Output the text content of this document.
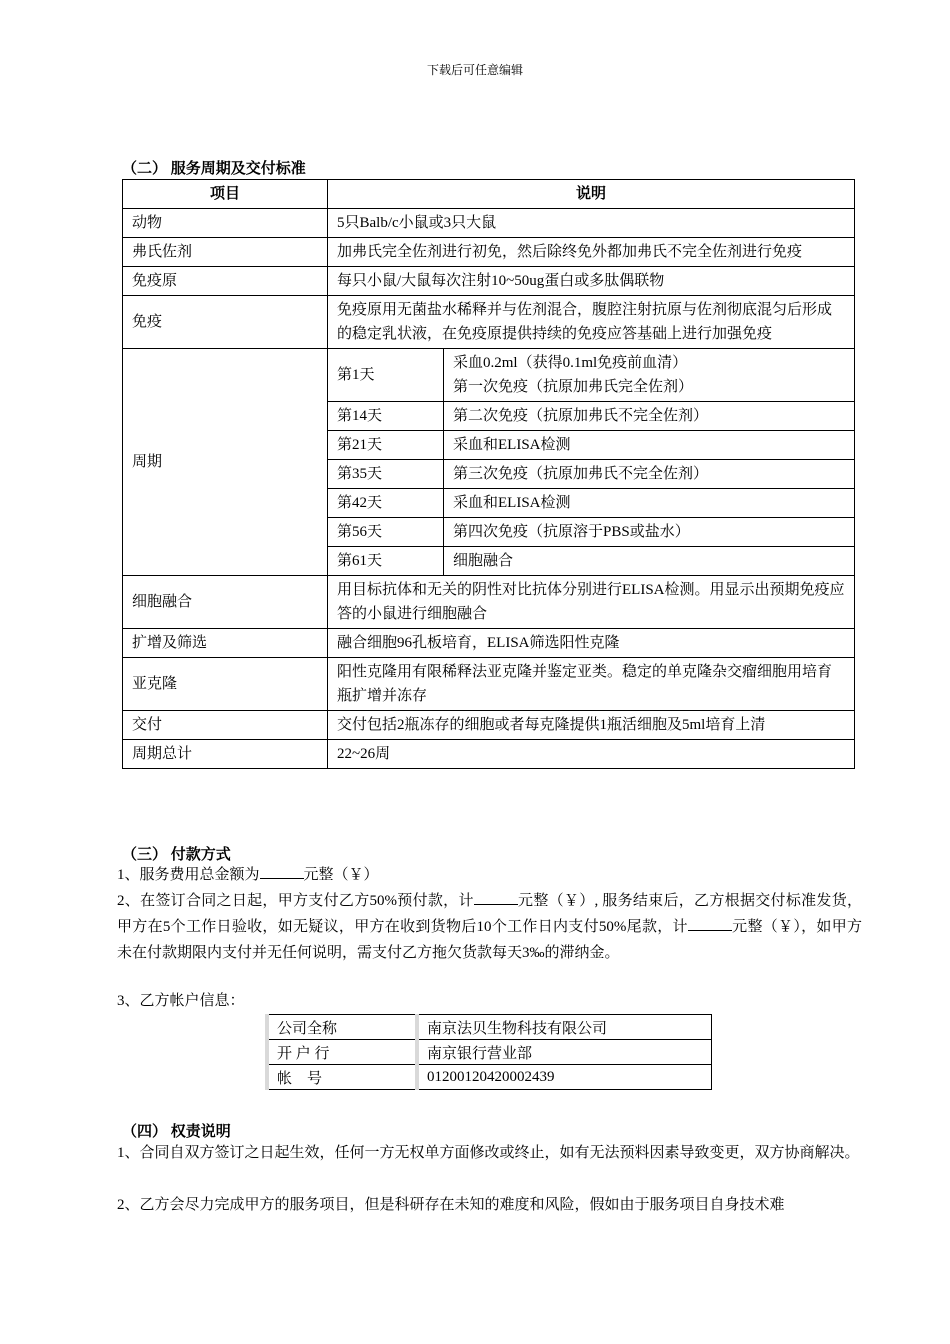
下载后可任意编辑
（二） 服务周期及交付标准
项目	说明	
动物	5只Balb/c小鼠或3只大鼠	
弗氏佐剂	加弗氏完全佐剂进行初免，然后除终免外都加弗氏不完全佐剂进行免疫	
免疫原	每只小鼠/大鼠每次注射10~50ug蛋白或多肽偶联物	
免疫	免疫原用无菌盐水稀释并与佐剂混合，腹腔注射抗原与佐剂彻底混匀后形成的稳定乳状液，在免疫原提供持续的免疫应答基础上进行加强免疫	
周期	第1天	采血0.2ml（获得0.1ml免疫前血清）
第一次免疫（抗原加弗氏完全佐剂）

	第14天	第二次免疫（抗原加弗氏不完全佐剂）
	第21天	采血和ELISA检测
	第35天	第三次免疫（抗原加弗氏不完全佐剂）
	第42天	采血和ELISA检测
	第56天	第四次免疫（抗原溶于PBS或盐水）
	第61天	细胞融合
细胞融合	用目标抗体和无关的阴性对比抗体分别进行ELISA检测。用显示出预期免疫应答的小鼠进行细胞融合	
扩增及筛选	融合细胞96孔板培育，ELISA筛选阳性克隆	
亚克隆	阳性克隆用有限稀释法亚克隆并鉴定亚类。稳定的单克隆杂交瘤细胞用培育瓶扩增并冻存	
交付	交付包括2瓶冻存的细胞或者每克隆提供1瓶活细胞及5ml培育上清	
周期总计	22~26周	
（三） 付款方式
1、服务费用总金额为	元整（￥）
2、在签订合同之日起，甲方支付乙方50%预付款，计	元整（￥）, 服务结束后，乙方根据交付标准发货，甲方在5个工作日验收，如无疑议，甲方在收到货物后10个工作日内支付50%尾款，计	元整（￥），如甲方未在付款期限内支付并无任何说明，需支付乙方拖欠货款每天3‰的滞纳金。
3、乙方帐户信息：
公司全称	南京法贝生物科技有限公司
开 户 行	南京银行营业部
帐    号	01200120420002439
（四） 权责说明
1、合同自双方签订之日起生效，任何一方无权单方面修改或终止，如有无法预料因素导致变更，双方协商解决。
2、乙方会尽力完成甲方的服务项目，但是科研存在未知的难度和风险，假如由于服务项目自身技术难
